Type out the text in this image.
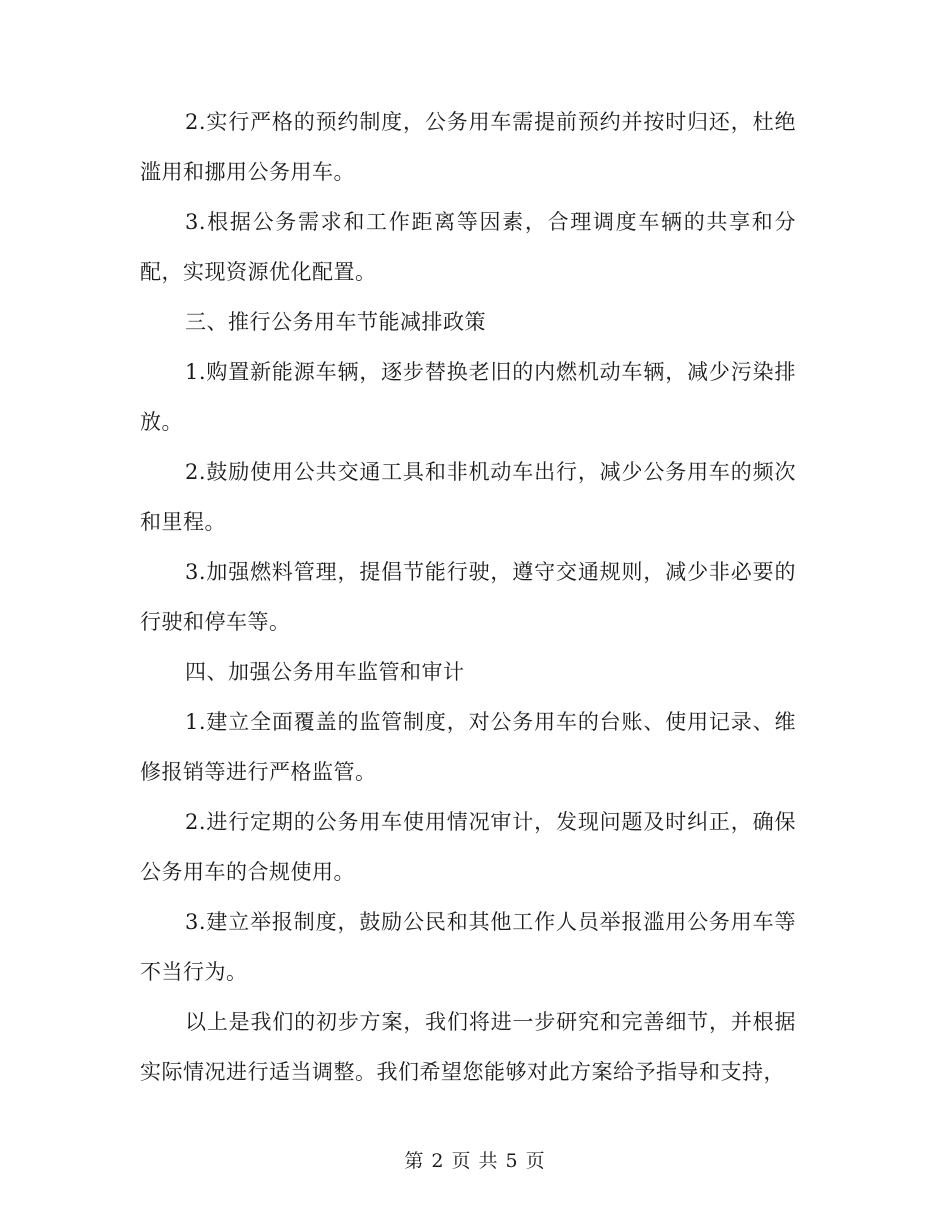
2.实行严格的预约制度，公务用车需提前预约并按时归还，杜绝滥用和挪用公务用车。

3.根据公务需求和工作距离等因素，合理调度车辆的共享和分配，实现资源优化配置。

三、推行公务用车节能减排政策

1.购置新能源车辆，逐步替换老旧的内燃机动车辆，减少污染排放。

2.鼓励使用公共交通工具和非机动车出行，减少公务用车的频次和里程。

3.加强燃料管理，提倡节能行驶，遵守交通规则，减少非必要的行驶和停车等。

四、加强公务用车监管和审计

1.建立全面覆盖的监管制度，对公务用车的台账、使用记录、维修报销等进行严格监管。

2.进行定期的公务用车使用情况审计，发现问题及时纠正，确保公务用车的合规使用。

3.建立举报制度，鼓励公民和其他工作人员举报滥用公务用车等不当行为。

以上是我们的初步方案，我们将进一步研究和完善细节，并根据实际情况进行适当调整。我们希望您能够对此方案给予指导和支持，

第 2 页 共 5 页
